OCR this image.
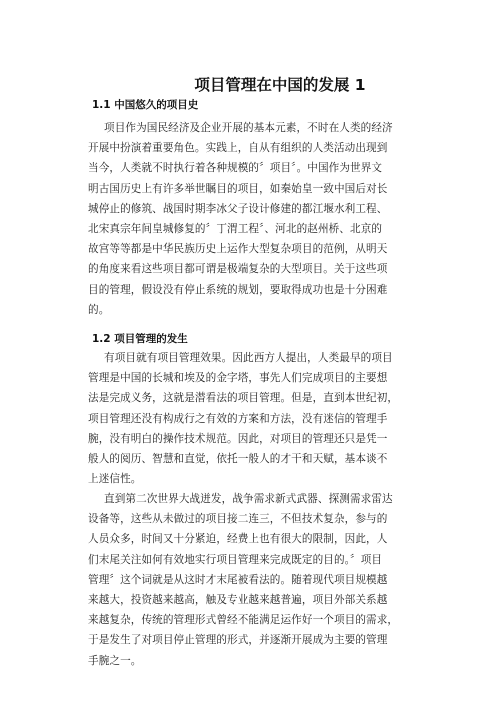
项目管理在中国的发展 1
1.1 中国悠久的项目史
项目作为国民经济及企业开展的基本元素，不时在人类的经济
开展中扮演着重要角色。实践上，自从有组织的人类活动出现到
当今，人类就不时执行着各种规模的〞项目〞。中国作为世界文
明古国历史上有许多举世瞩目的项目，如秦始皇一致中国后对长
城停止的修筑、战国时期李冰父子设计修建的都江堰水利工程、
北宋真宗年间皇城修复的〞丁渭工程〞、河北的赵州桥、北京的
故宫等等都是中华民族历史上运作大型复杂项目的范例，从明天
的角度来看这些项目都可谓是极端复杂的大型项目。关于这些项
目的管理，假设没有停止系统的规划，要取得成功也是十分困难
的。
1.2 项目管理的发生
有项目就有项目管理效果。因此西方人提出，人类最早的项目
管理是中国的长城和埃及的金字塔，事先人们完成项目的主要想
法是完成义务，这就是潜看法的项目管理。但是，直到本世纪初，
项目管理还没有构成行之有效的方案和方法，没有迷信的管理手
腕，没有明白的操作技术规范。因此，对项目的管理还只是凭一
般人的阅历、智慧和直觉，依托一般人的才干和天赋，基本谈不
上迷信性。
直到第二次世界大战迸发，战争需求新式武器、探测需求雷达
设备等，这些从未做过的项目接二连三，不但技术复杂，参与的
人员众多，时间又十分紧迫，经费上也有很大的限制，因此，人
们末尾关注如何有效地实行项目管理来完成既定的目的。〞项目
管理〞这个词就是从这时才末尾被看法的。随着现代项目规模越
来越大，投资越来越高，触及专业越来越普遍，项目外部关系越
来越复杂，传统的管理形式曾经不能满足运作好一个项目的需求，
于是发生了对项目停止管理的形式，并逐渐开展成为主要的管理
手腕之一。
